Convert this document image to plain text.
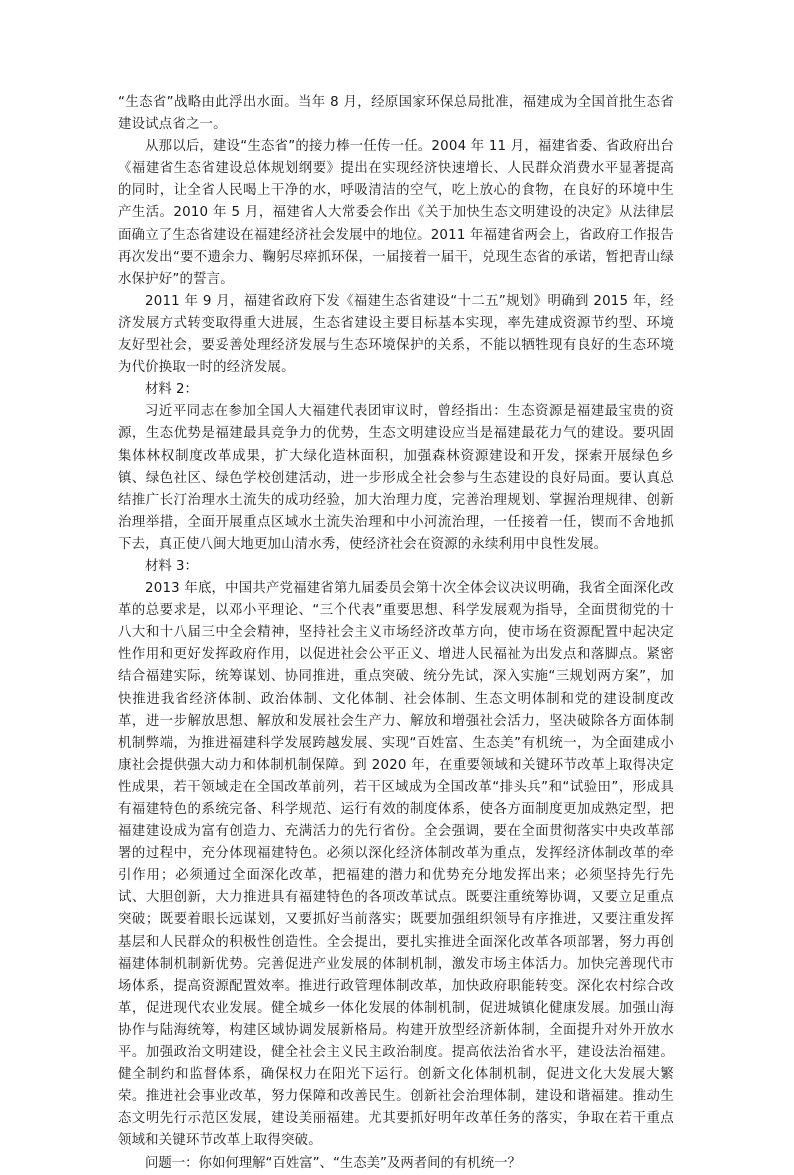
“生态省”战略由此浮出水面。当年 8 月，经原国家环保总局批准，福建成为全国首批生态省建设试点省之一。

从那以后，建设“生态省”的接力棒一任传一任。2004 年 11 月，福建省委、省政府出台《福建省生态省建设总体规划纲要》提出在实现经济快速增长、人民群众消费水平显著提高的同时，让全省人民喝上干净的水，呼吸清洁的空气，吃上放心的食物，在良好的环境中生产生活。2010 年 5 月，福建省人大常委会作出《关于加快生态文明建设的决定》从法律层面确立了生态省建设在福建经济社会发展中的地位。2011 年福建省两会上，省政府工作报告再次发出“要不遗余力、鞠躬尽瘁抓环保，一届接着一届干，兑现生态省的承诺，暂把青山绿水保护好”的誓言。

2011 年 9 月，福建省政府下发《福建生态省建设“十二五”规划》明确到 2015 年，经济发展方式转变取得重大进展，生态省建设主要目标基本实现，率先建成资源节约型、环境友好型社会，要妥善处理经济发展与生态环境保护的关系，不能以牺牲现有良好的生态环境为代价换取一时的经济发展。

材料 2：

习近平同志在参加全国人大福建代表团审议时，曾经指出：生态资源是福建最宝贵的资源，生态优势是福建最具竞争力的优势，生态文明建设应当是福建最花力气的建设。要巩固集体林权制度改革成果，扩大绿化造林面积，加强森林资源建设和开发，探索开展绿色乡镇、绿色社区、绿色学校创建活动，进一步形成全社会参与生态建设的良好局面。要认真总结推广长汀治理水土流失的成功经验，加大治理力度，完善治理规划、掌握治理规律、创新治理举措，全面开展重点区域水土流失治理和中小河流治理，一任接着一任，锲而不舍地抓下去，真正使八闽大地更加山清水秀，使经济社会在资源的永续利用中良性发展。

材料 3：

2013 年底，中国共产党福建省第九届委员会第十次全体会议决议明确，我省全面深化改革的总要求是，以邓小平理论、“三个代表”重要思想、科学发展观为指导，全面贯彻党的十八大和十八届三中全会精神，坚持社会主义市场经济改革方向，使市场在资源配置中起决定性作用和更好发挥政府作用，以促进社会公平正义、增进人民福祉为出发点和落脚点。紧密结合福建实际，统筹谋划、协同推进，重点突破、统分先试，深入实施“三规划两方案”，加快推进我省经济体制、政治体制、文化体制、社会体制、生态文明体制和党的建设制度改革，进一步解放思想、解放和发展社会生产力、解放和增强社会活力，坚决破除各方面体制机制弊端，为推进福建科学发展跨越发展、实现“百姓富、生态美”有机统一，为全面建成小康社会提供强大动力和体制机制保障。到 2020 年，在重要领域和关键环节改革上取得决定性成果，若干领域走在全国改革前列，若干区域成为全国改革“排头兵”和“试验田”，形成具有福建特色的系统完备、科学规范、运行有效的制度体系，使各方面制度更加成熟定型，把福建建设成为富有创造力、充满活力的先行省份。全会强调，要在全面贯彻落实中央改革部署的过程中，充分体现福建特色。必须以深化经济体制改革为重点，发挥经济体制改革的牵引作用；必须通过全面深化改革，把福建的潜力和优势充分地发挥出来；必须坚持先行先试、大胆创新，大力推进具有福建特色的各项改革试点。既要注重统筹协调，又要立足重点突破；既要着眼长远谋划，又要抓好当前落实；既要加强组织领导有序推进，又要注重发挥基层和人民群众的积极性创造性。全会提出，要扎实推进全面深化改革各项部署，努力再创福建体制机制新优势。完善促进产业发展的体制机制，激发市场主体活力。加快完善现代市场体系，提高资源配置效率。推进行政管理体制改革，加快政府职能转变。深化农村综合改革，促进现代农业发展。健全城乡一体化发展的体制机制，促进城镇化健康发展。加强山海协作与陆海统筹，构建区域协调发展新格局。构建开放型经济新体制，全面提升对外开放水平。加强政治文明建设，健全社会主义民主政治制度。提高依法治省水平，建设法治福建。健全制约和监督体系，确保权力在阳光下运行。创新文化体制机制，促进文化大发展大繁荣。推进社会事业改革，努力保障和改善民生。创新社会治理体制，建设和谐福建。推动生态文明先行示范区发展，建设美丽福建。尤其要抓好明年改革任务的落实，争取在若干重点领域和关键环节改革上取得突破。

问题一：你如何理解“百姓富”、“生态美”及两者间的有机统一？
